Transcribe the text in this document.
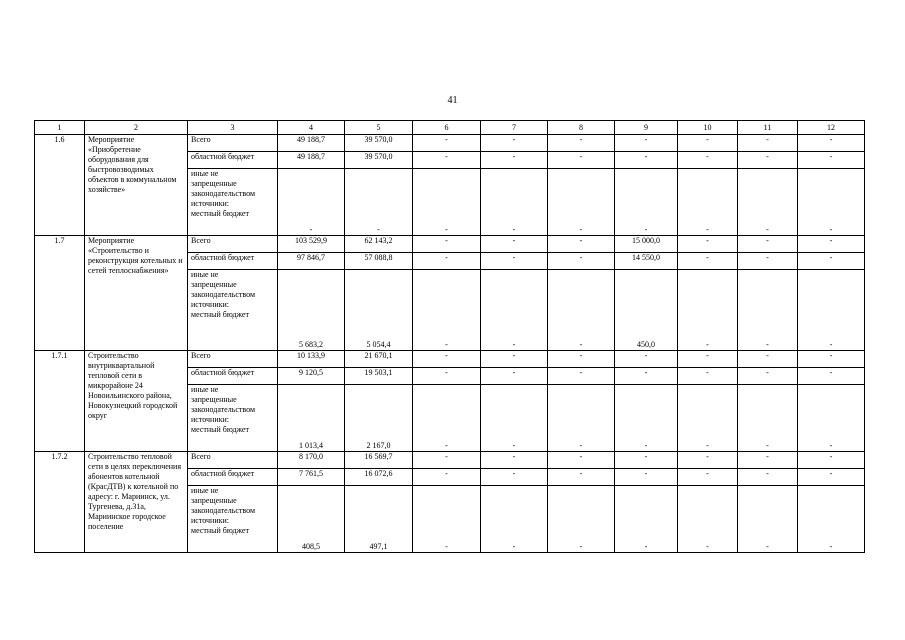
41
1	2	3	4	5	6	7	8	9	10	11	12
1.6	Мероприятие «Приобретение оборудования для быстровозводимых объектов в коммунальном хозяйстве»	Всего	49 188,7	39 570,0	-	-	-	-	-	-	-
		областной бюджет	49 188,7	39 570,0	-	-	-	-	-	-	-

		иные не
запрещенные
законодательством
источники:
местный бюджет	-	-	-	-	-	-	-	-	-
1.7	Мероприятие «Строительство и реконструкция котельных и сетей теплоснабжения»	Всего	103 529,9	62 143,2	-	-	-	15 000,0	-	-	-
		областной бюджет	97 846,7	57 088,8	-	-	-	14 550,0	-	-	-

		иные не
запрещенные
законодательством
источники:
местный бюджет	5 683,2	5 054,4	-	-	-	450,0	-	-	-
1.7.1	Строительство внутриквартальной тепловой сети в микрорайоне 24 Новоильинского района, Новокузнецкий городской округ	Всего	10 133,9	21 670,1	-	-	-	-	-	-	-
		областной бюджет	9 120,5	19 503,1	-	-	-	-	-	-	-

		иные не
запрещенные
законодательством
источники:
местный бюджет	1 013,4	2 167,0	-	-	-	-	-	-	-
1.7.2	Строительство тепловой сети в целях переключения абонентов котельной (КрасДТВ) к котельной по адресу: г. Мариинск, ул. Тургенева, д.31а, Мариинское городское поселение	Всего	8 170,0	16 569,7	-	-	-	-	-	-	-
		областной бюджет	7 761,5	16 072,6	-	-	-	-	-	-	-

		иные не
запрещенные
законодательством
источники:
местный бюджет	408,5	497,1	-	-	-	-	-	-	-
